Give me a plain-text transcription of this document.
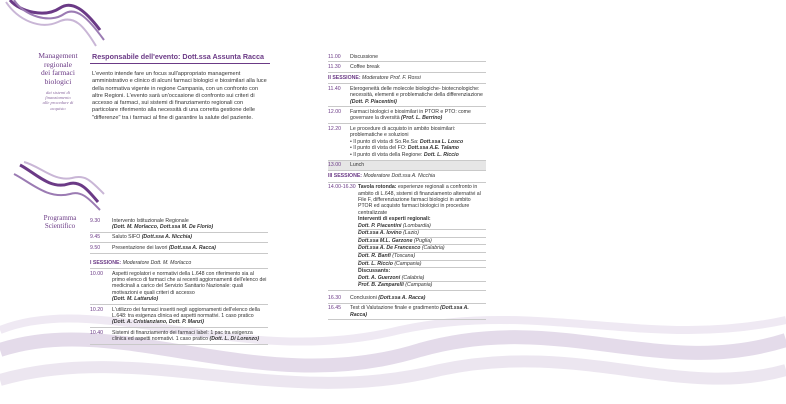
Management
regionale
dei farmaci
biologici
dai sistemi di
finanziamento
alle procedure di
acquisto
Programma
Scientifico
Responsabile dell'evento: Dott.ssa Assunta Racca
L'evento intende fare un focus sull'appropriato management amministrativo e clinico di alcuni farmaci biologici e biosimilari alla luce della normativa vigente in regione Campania, con un confronto con altre Regioni. L'evento sarà un'occasione di confronto sui criteri di accesso ai farmaci, sui sistemi di finanziamento regionali con particolare riferimento alla necessità di una corretta gestione delle "differenze" tra i farmaci al fine di garantire la salute del paziente.
9.30	Intervento Istituzionale Regionale
(Dott. M. Morlacco, Dott.ssa M. De Florio)
9.45	Saluto SIFO (Dott.ssa A. Nicchia)
9.50	Presentazione dei lavori (Dott.ssa A. Racca)
I SESSIONE: Moderatore Dott. M. Morlacco
10.00	Aspetti regolatori e normativi della L.648 con riferimento sia al primo elenco di farmaci che ai recenti aggiornamenti dell'elenco dei medicinali a carico del Servizio Sanitario Nazionale: quali motivazioni e quali criteri di accesso
(Dott. M. Lattarulo)
10.20	L'utilizzo dei farmaci inseriti negli aggiornamenti dell'elenco della L.648: tra esigenza clinica ed aspetti normativi. 1 caso pratico (Dott. A. Cristianziano, Dott. P. Manzi)
10.40	Sistemi di finanziamento dei farmaci label: 1 pac tra esigenza clinica ed aspetti normativi. 1 caso pratico (Dott. L. Di Lorenzo)
11.00	Discussione
11.30	Coffee break
II SESSIONE: Moderatore Prof. F. Rossi
11.40	Eterogeneità delle molecole biologiche- biotecnologiche: necessità, elementi e problematiche della differenziazione
(Dott. P. Piacentini)
12.00	Farmaci biologici e biosimilari in PTOR e PTO: come governare la diversità (Prof. L. Berrino)
12.20	Le procedure di acquisto in ambito biosimilari: problematiche e soluzioni
• Il punto di vista di So.Re.Sa: Dott.ssa L. Losco
• Il punto di vista del FO: Dott.ssa A.E. Talamo
• Il punto di vista della Regione: Dott. L. Riccio
13.00	Lunch
III SESSIONE: Moderatore Dott.ssa A. Nicchia
14.00-16.30 Tavola rotonda: esperienze regionali a confronto in ambito di L.648, sistemi di finanziamento alternativi al File F, differenziazione farmaci biologici in ambito PTOR ed acquisto farmaci biologici in procedure centralizzate
Interventi di esperti regionali:
Dott. P. Piacentini (Lombardia)
Dott.ssa A. Iovino (Lazio)
Dott.ssa M.L. Garzone (Puglia)
Dott.ssa A. De Francesco (Calabria)
Dott. R. Banfi (Toscana)
Dott. L. Riccio (Campania)
Discussants:
Dott. A. Guerzoni (Calabria)
Prof. B. Zamparelli (Campania)
16.30	Conclusioni (Dott.ssa A. Racca)
16.45	Test di Valutazione finale e gradimento (Dott.ssa A. Racca)
